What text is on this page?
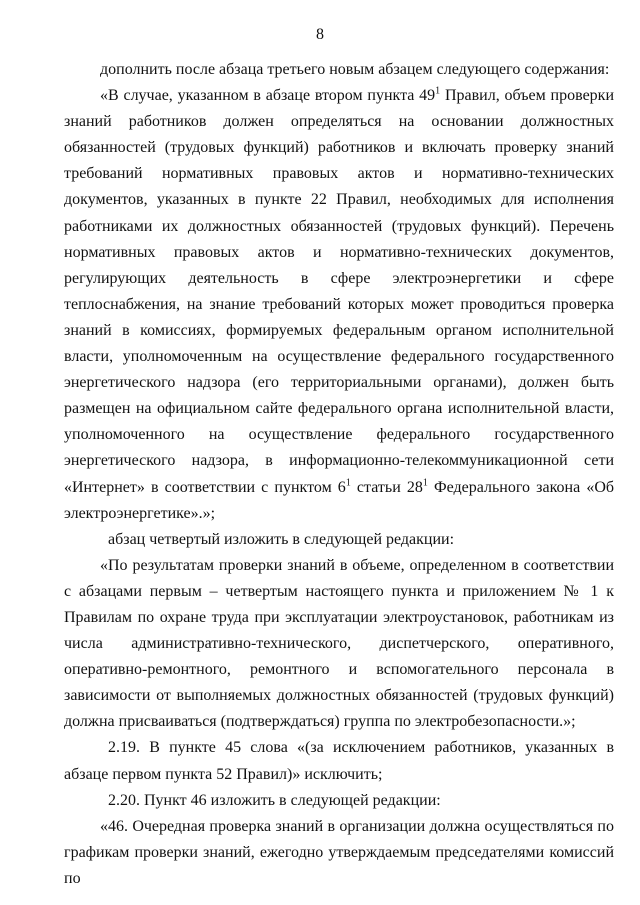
8

дополнить после абзаца третьего новым абзацем следующего содержания:

«В случае, указанном в абзаце втором пункта $49^1$ Правил, объем проверки знаний работников должен определяться на основании должностных обязанностей (трудовых функций) работников и включать проверку знаний требований нормативных правовых актов и нормативно-технических документов, указанных в пункте 22 Правил, необходимых для исполнения работниками их должностных обязанностей (трудовых функций). Перечень нормативных правовых актов и нормативно-технических документов, регулирующих деятельность в сфере электроэнергетики и сфере теплоснабжения, на знание требований которых может проводиться проверка знаний в комиссиях, формируемых федеральным органом исполнительной власти, уполномоченным на осуществление федерального государственного энергетического надзора (его территориальными органами), должен быть размещен на официальном сайте федерального органа исполнительной власти, уполномоченного на осуществление федерального государственного энергетического надзора, в информационно-телекоммуникационной сети «Интернет» в соответствии с пунктом $6^1$ статьи $28^1$ Федерального закона «Об электроэнергетике».»;

абзац четвертый изложить в следующей редакции:

«По результатам проверки знаний в объеме, определенном в соответствии с абзацами первым – четвертым настоящего пункта и приложением № 1 к Правилам по охране труда при эксплуатации электроустановок, работникам из числа административно-технического, диспетчерского, оперативного, оперативно-ремонтного, ремонтного и вспомогательного персонала в зависимости от выполняемых должностных обязанностей (трудовых функций) должна присваиваться (подтверждаться) группа по электробезопасности.»;

2.19. В пункте 45 слова «(за исключением работников, указанных в абзаце первом пункта 52 Правил)» исключить;

2.20. Пункт 46 изложить в следующей редакции:

«46. Очередная проверка знаний в организации должна осуществляться по графикам проверки знаний, ежегодно утверждаемым председателями комиссий по
